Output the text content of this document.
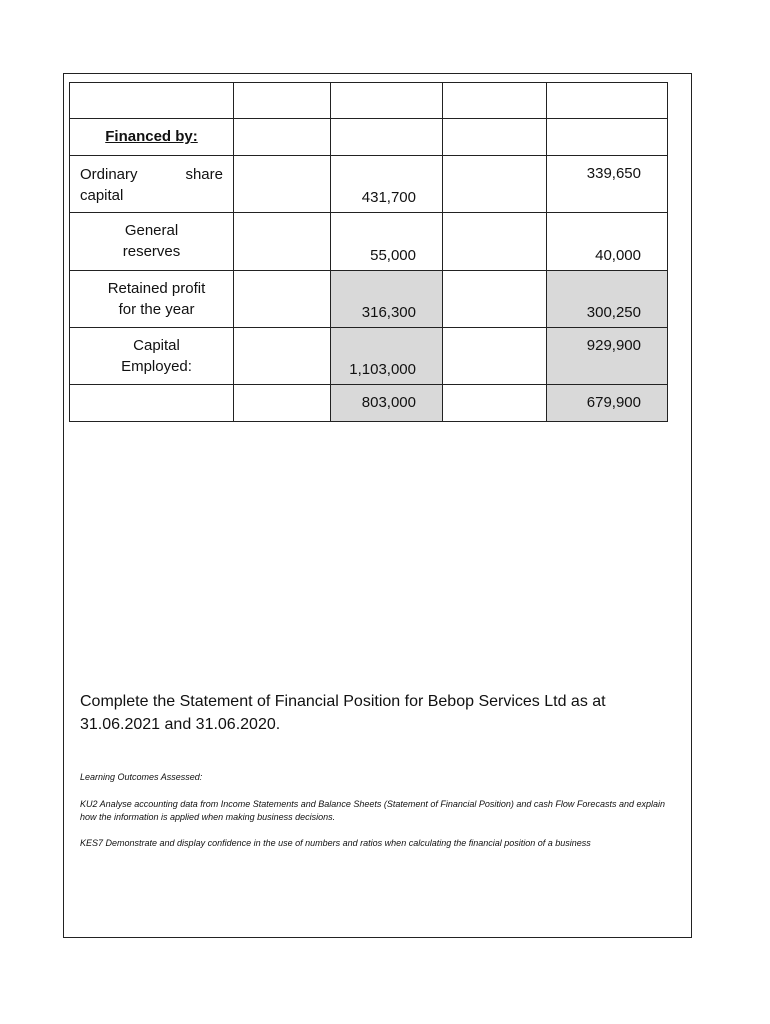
Financed by:				
Ordinary share capital		431,700		339,650

General reserves		55,000		40,000

Retained profit for the year		316,300		300,250

Capital Employed:		1,103,000		929,900

		803,000		679,900
Complete the Statement of Financial Position for Bebop Services Ltd as at 31.06.2021 and 31.06.2020.
Learning Outcomes Assessed:
KU2 Analyse accounting data from Income Statements and Balance Sheets (Statement of Financial Position) and cash Flow Forecasts and explain how the information is applied when making business decisions.
KES7 Demonstrate and display confidence in the use of numbers and ratios when calculating the financial position of a business
